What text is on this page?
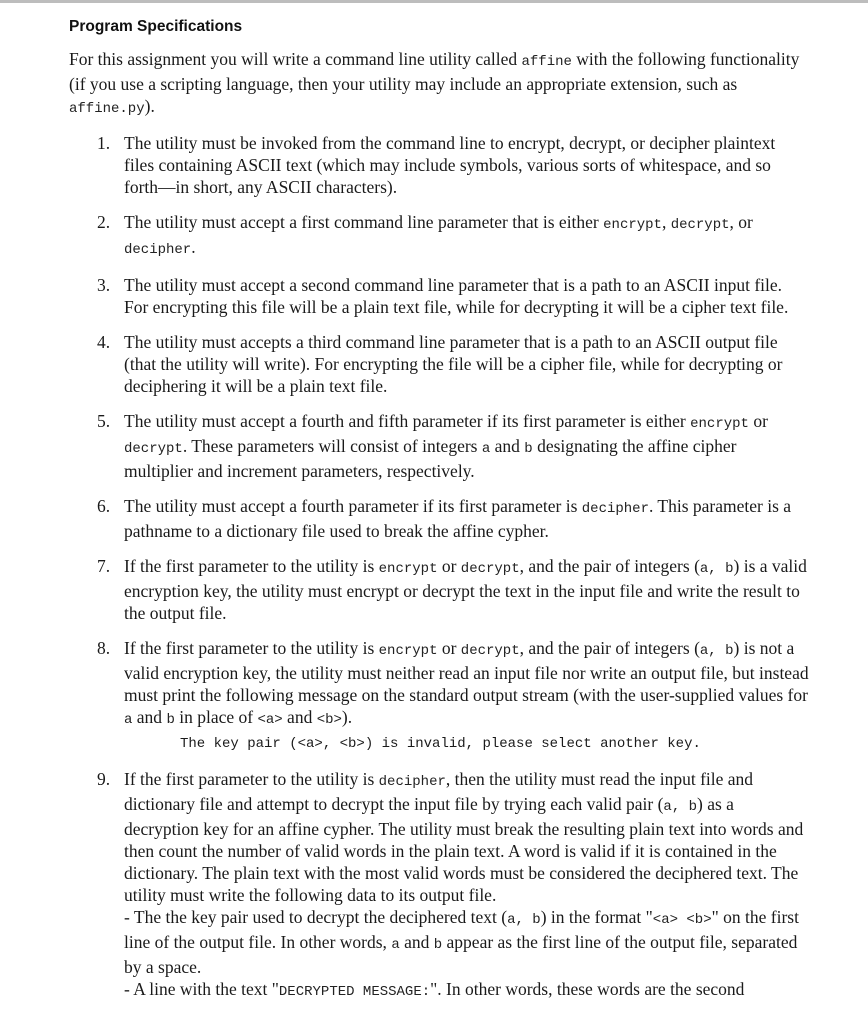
Program Specifications

For this assignment you will write a command line utility called affine with the following functionality (if you use a scripting language, then your utility may include an appropriate extension, such as affine.py).

1. The utility must be invoked from the command line to encrypt, decrypt, or decipher plaintext files containing ASCII text (which may include symbols, various sorts of whitespace, and so forth—in short, any ASCII characters).
2. The utility must accept a first command line parameter that is either encrypt, decrypt, or decipher.
3. The utility must accept a second command line parameter that is a path to an ASCII input file. For encrypting this file will be a plain text file, while for decrypting it will be a cipher text file.
4. The utility must accepts a third command line parameter that is a path to an ASCII output file (that the utility will write). For encrypting the file will be a cipher file, while for decrypting or deciphering it will be a plain text file.
5. The utility must accept a fourth and fifth parameter if its first parameter is either encrypt or decrypt. These parameters will consist of integers a and b designating the affine cipher multiplier and increment parameters, respectively.
6. The utility must accept a fourth parameter if its first parameter is decipher. This parameter is a pathname to a dictionary file used to break the affine cypher.
7. If the first parameter to the utility is encrypt or decrypt, and the pair of integers (a, b) is a valid encryption key, the utility must encrypt or decrypt the text in the input file and write the result to the output file.
8. If the first parameter to the utility is encrypt or decrypt, and the pair of integers (a, b) is not a valid encryption key, the utility must neither read an input file nor write an output file, but instead must print the following message on the standard output stream (with the user-supplied values for a and b in place of <a> and <b>).
The key pair (<a>, <b>) is invalid, please select another key.
9. If the first parameter to the utility is decipher, then the utility must read the input file and dictionary file and attempt to decrypt the input file by trying each valid pair (a, b) as a decryption key for an affine cypher. The utility must break the resulting plain text into words and then count the number of valid words in the plain text. A word is valid if it is contained in the dictionary. The plain text with the most valid words must be considered the deciphered text. The utility must write the following data to its output file.
- The the key pair used to decrypt the deciphered text (a, b) in the format "<a> <b>" on the first line of the output file. In other words, a and b appear as the first line of the output file, separated by a space.
- A line with the text "DECRYPTED MESSAGE:". In other words, these words are the second
